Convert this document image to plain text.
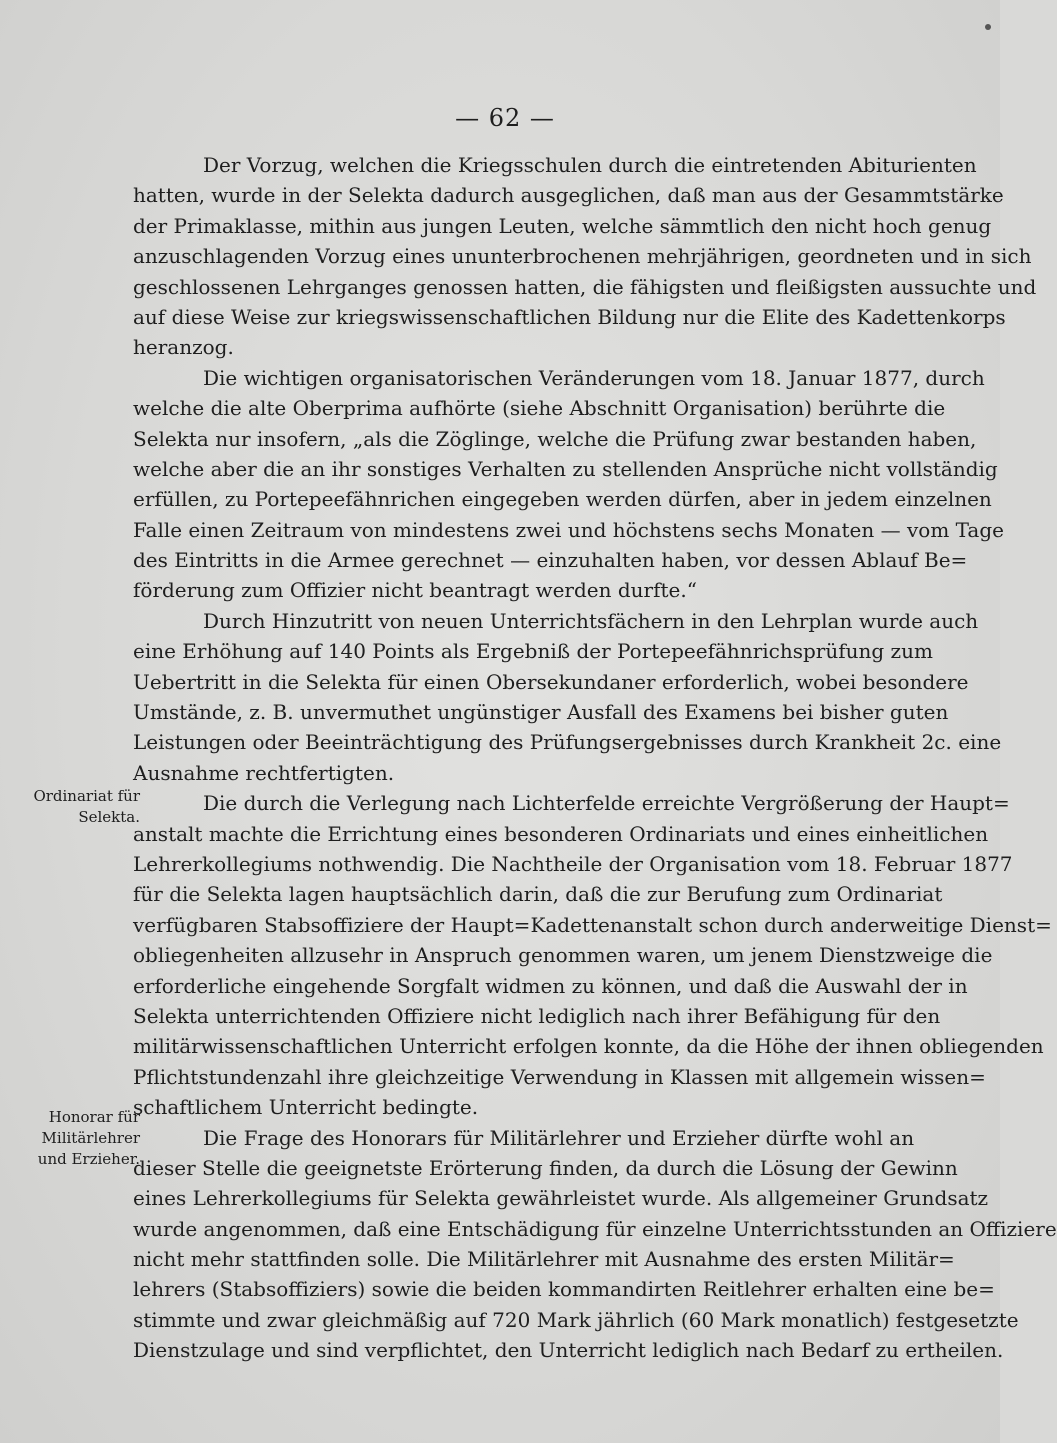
— 62 —
Ordinariat für Selekta.
Honorar für Militärlehrer und Erzieher.
Der Vorzug, welchen die Kriegsschulen durch die eintretenden Abiturienten
hatten, wurde in der Selekta dadurch ausgeglichen, daß man aus der Gesammtstärke
der Primaklasse, mithin aus jungen Leuten, welche sämmtlich den nicht hoch genug
anzuschlagenden Vorzug eines ununterbrochenen mehrjährigen, geordneten und in sich
geschlossenen Lehrganges genossen hatten, die fähigsten und fleißigsten aussuchte und
auf diese Weise zur kriegswissenschaftlichen Bildung nur die Elite des Kadettenkorps
heranzog.
Die wichtigen organisatorischen Veränderungen vom 18. Januar 1877, durch
welche die alte Oberprima aufhörte (siehe Abschnitt Organisation) berührte die
Selekta nur insofern, „als die Zöglinge, welche die Prüfung zwar bestanden haben,
welche aber die an ihr sonstiges Verhalten zu stellenden Ansprüche nicht vollständig
erfüllen, zu Portepeefähnrichen eingegeben werden dürfen, aber in jedem einzelnen
Falle einen Zeitraum von mindestens zwei und höchstens sechs Monaten — vom Tage
des Eintritts in die Armee gerechnet — einzuhalten haben, vor dessen Ablauf Be=
förderung zum Offizier nicht beantragt werden durfte.“
Durch Hinzutritt von neuen Unterrichtsfächern in den Lehrplan wurde auch
eine Erhöhung auf 140 Points als Ergebniß der Portepeefähnrichsprüfung zum
Uebertritt in die Selekta für einen Obersekundaner erforderlich, wobei besondere
Umstände, z. B. unvermuthet ungünstiger Ausfall des Examens bei bisher guten
Leistungen oder Beeinträchtigung des Prüfungsergebnisses durch Krankheit 2c. eine
Ausnahme rechtfertigten.
Die durch die Verlegung nach Lichterfelde erreichte Vergrößerung der Haupt=
anstalt machte die Errichtung eines besonderen Ordinariats und eines einheitlichen
Lehrerkollegiums nothwendig. Die Nachtheile der Organisation vom 18. Februar 1877
für die Selekta lagen hauptsächlich darin, daß die zur Berufung zum Ordinariat
verfügbaren Stabsoffiziere der Haupt=Kadettenanstalt schon durch anderweitige Dienst=
obliegenheiten allzusehr in Anspruch genommen waren, um jenem Dienstzweige die
erforderliche eingehende Sorgfalt widmen zu können, und daß die Auswahl der in
Selekta unterrichtenden Offiziere nicht lediglich nach ihrer Befähigung für den
militärwissenschaftlichen Unterricht erfolgen konnte, da die Höhe der ihnen obliegenden
Pflichtstundenzahl ihre gleichzeitige Verwendung in Klassen mit allgemein wissen=
schaftlichem Unterricht bedingte.
Die Frage des Honorars für Militärlehrer und Erzieher dürfte wohl an
dieser Stelle die geeignetste Erörterung finden, da durch die Lösung der Gewinn
eines Lehrerkollegiums für Selekta gewährleistet wurde. Als allgemeiner Grundsatz
wurde angenommen, daß eine Entschädigung für einzelne Unterrichtsstunden an Offiziere
nicht mehr stattfinden solle. Die Militärlehrer mit Ausnahme des ersten Militär=
lehrers (Stabsoffiziers) sowie die beiden kommandirten Reitlehrer erhalten eine be=
stimmte und zwar gleichmäßig auf 720 Mark jährlich (60 Mark monatlich) festgesetzte
Dienstzulage und sind verpflichtet, den Unterricht lediglich nach Bedarf zu ertheilen.
